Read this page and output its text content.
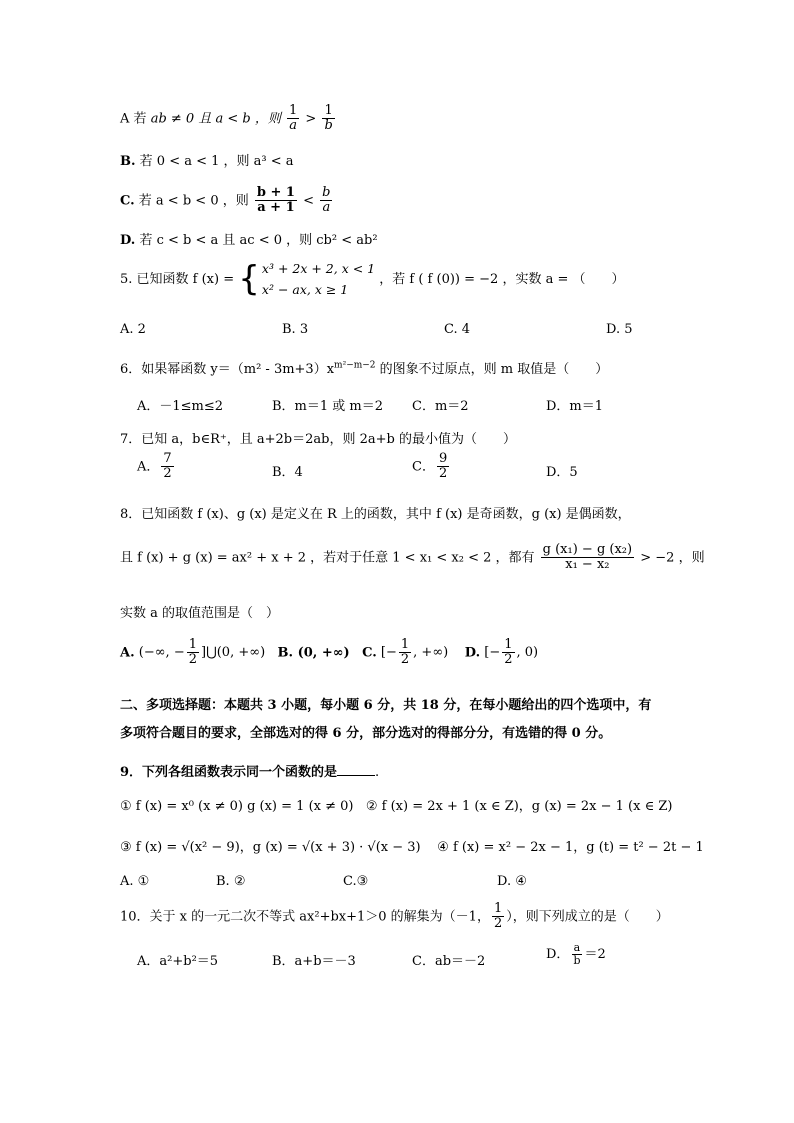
A 若 ab ≠ 0 且 a < b ，则 $\frac{1}{a} > \frac{1}{b}$
B. 若 0 < a < 1 ，则 a³ < a
C. 若 a < b < 0 ，则 $\frac{b + 1}{a + 1} < \frac{b}{a}$
D. 若 c < b < a 且 ac < 0 ，则 cb² < ab²
5. 已知函数 f (x) = { x³ + 2x + 2, x < 1
x² − ax, x ≥ 1
，若 f ( f (0)) = −2 ，实数 a = （　　）
A. 2	B. 3	C. 4	D. 5
6．如果幂函数 $y=(m^2 - 3m+3)x^{m^2-m-2}$ 的图象不过原点，则 m 取值是（　　）
A．－1≤m≤2	B．m＝1 或 m＝2 C．m＝2	D．m＝1
7．已知 a，b∈R⁺，且 a+2b＝2ab，则 2a+b 的最小值为（　　）
A． $\frac{7}{2}$	B．4	C． $\frac{9}{2}$	D．5
8．已知函数 f (x)、g (x) 是定义在 R 上的函数，其中 f (x) 是奇函数，g (x) 是偶函数，
且 f (x) + g (x) = ax² + x + 2 ，若对于任意 1 < x₁ < x₂ < 2 ，都有 $\frac{\text{g (x₁) − g (x₂)}}{\text{x₁ − x₂}} > -2$ ，则
实数 a 的取值范围是（　）
A. (−∞, − $\frac{1}{2}$ ]⋃(0, +∞) B. (0, +∞) C. [− $\frac{1}{2}$ , +∞) D. [− $\frac{1}{2}$ , 0)
二、多项选择题：本题共 3 小题，每小题 6 分，共 18 分，在每小题给出的四个选项中，有
多项符合题目的要求，全部选对的得 6 分，部分选对的得部分分，有选错的得 0 分。
9．下列各组函数表示同一个函数的是	.
① f (x) = x⁰ (x ≠ 0) g (x) = 1 (x ≠ 0) ② f (x) = 2x + 1 (x ∈ Z)，g (x) = 2x − 1 (x ∈ Z)
③ f (x) = √(x² − 9)，g (x) = √(x + 3) · √(x − 3) ④ f (x) = x² − 2x − 1，g (t) = t² − 2t − 1
A. ①	B. ②	C.③	D. ④
10．关于 x 的一元二次不等式 ax²+bx+1＞0 的解集为（－1， $\frac{1}{2}$ ），则下列成立的是（　　）
A．a²+b²＝5	B．a+b＝－3	C．ab＝－2	D． $\frac{a}{b} =2$
